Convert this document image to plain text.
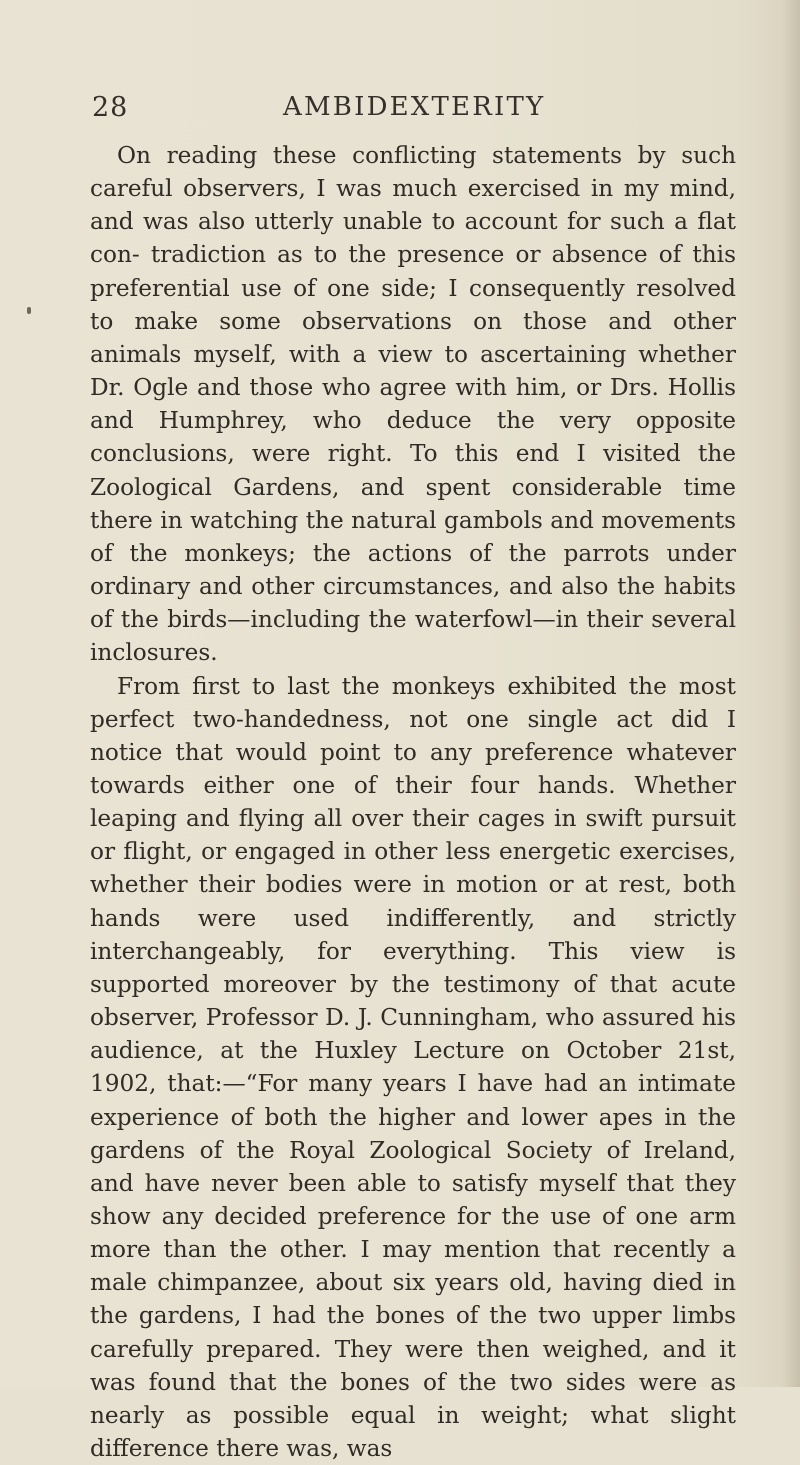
28	AMBIDEXTERITY

On reading these conflicting statements by such careful observers, I was much exercised in my mind, and was also utterly unable to account for such a flat con- tradiction as to the presence or absence of this preferential use of one side; I consequently resolved to make some observations on those and other animals myself, with a view to ascertaining whether Dr. Ogle and those who agree with him, or Drs. Hollis and Humphrey, who deduce the very opposite conclusions, were right. To this end I visited the Zoological Gardens, and spent considerable time there in watching the natural gambols and movements of the monkeys; the actions of the parrots under ordinary and other circumstances, and also the habits of the birds—including the waterfowl—in their several inclosures.

From first to last the monkeys exhibited the most perfect two-handedness, not one single act did I notice that would point to any preference whatever towards either one of their four hands. Whether leaping and flying all over their cages in swift pursuit or flight, or engaged in other less energetic exercises, whether their bodies were in motion or at rest, both hands were used indifferently, and strictly interchangeably, for everything. This view is supported moreover by the testimony of that acute observer, Professor D. J. Cunningham, who assured his audience, at the Huxley Lecture on October 21st, 1902, that:—“For many years I have had an intimate experience of both the higher and lower apes in the gardens of the Royal Zoological Society of Ireland, and have never been able to satisfy myself that they show any decided preference for the use of one arm more than the other. I may mention that recently a male chimpanzee, about six years old, having died in the gardens, I had the bones of the two upper limbs carefully prepared. They were then weighed, and it was found that the bones of the two sides were as nearly as possible equal in weight; what slight difference there was, was
